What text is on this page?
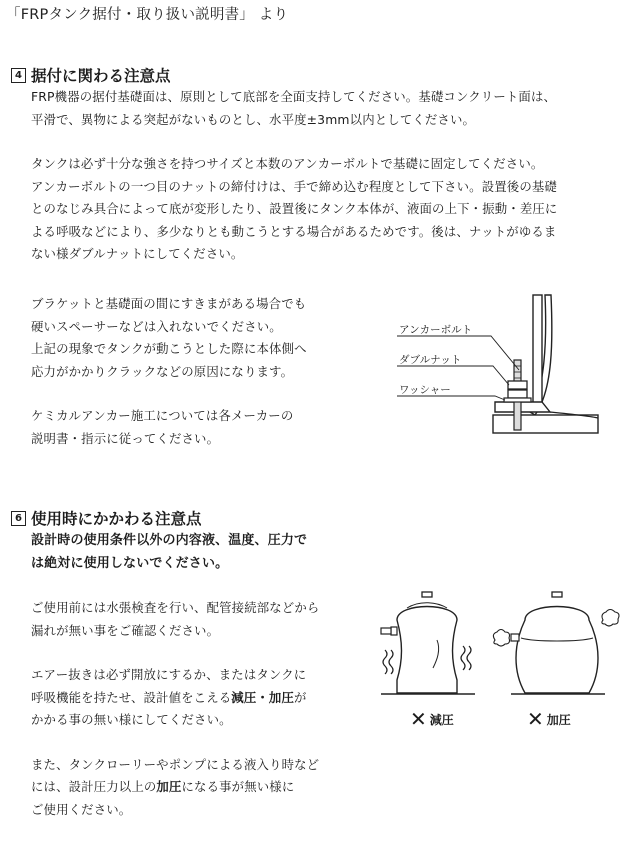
「FRPタンク据付・取り扱い説明書」 より
4 据付に関わる注意点

FRP機器の据付基礎面は、原則として底部を全面支持してください。基礎コンクリート面は、

平滑で、異物による突起がないものとし、水平度±3mm以内としてください。

タンクは必ず十分な強さを持つサイズと本数のアンカーボルトで基礎に固定してください。

アンカーボルトの一つ目のナットの締付けは、手で締め込む程度として下さい。設置後の基礎

とのなじみ具合によって底が変形したり、設置後にタンク本体が、液面の上下・振動・差圧に

よる呼吸などにより、多少なりとも動こうとする場合があるためです。後は、ナットがゆるま

ない様ダブルナットにしてください。

ブラケットと基礎面の間にすきまがある場合でも

硬いスペーサーなどは入れないでください。

上記の現象でタンクが動こうとした際に本体側へ

応力がかかりクラックなどの原因になります。

ケミカルアンカー施工については各メーカーの

説明書・指示に従ってください。

アンカーボルト
ダブルナット
ワッシャー
6 使用時にかかわる注意点

設計時の使用条件以外の内容液、温度、圧力で

は絶対に使用しないでください。

ご使用前には水張検査を行い、配管接続部などから

漏れが無い事をご確認ください。

エアー抜きは必ず開放にするか、またはタンクに

呼吸機能を持たせ、設計値をこえる減圧・加圧が

かかる事の無い様にしてください。

また、タンクローリーやポンプによる液入り時など

には、設計圧力以上の加圧になる事が無い様に

ご使用ください。

✕ 減圧	✕ 加圧
